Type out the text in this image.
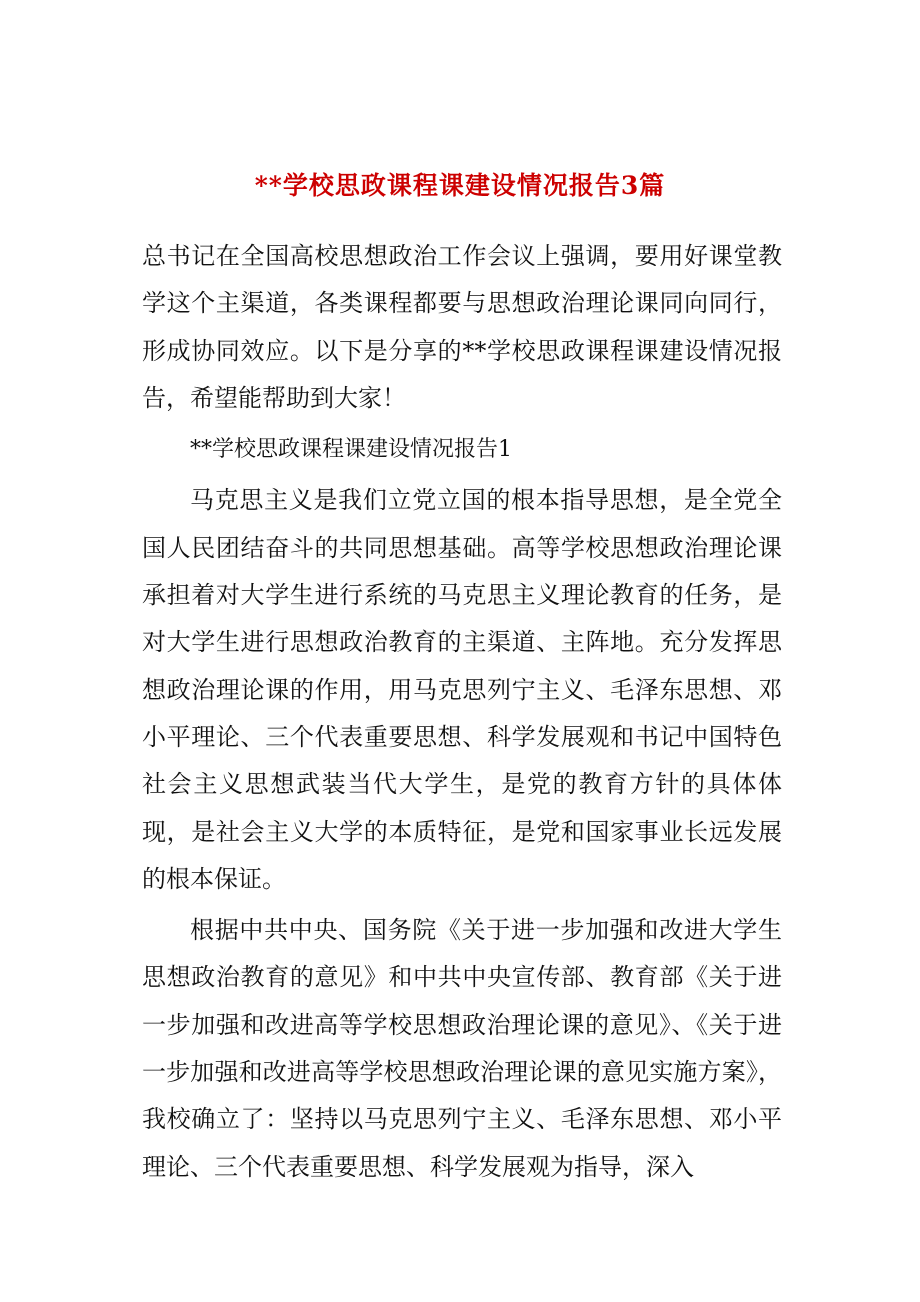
**学校思政课程课建设情况报告3篇

总书记在全国高校思想政治工作会议上强调，要用好课堂教学这个主渠道，各类课程都要与思想政治理论课同向同行，形成协同效应。以下是分享的**学校思政课程课建设情况报告，希望能帮助到大家！

**学校思政课程课建设情况报告1

马克思主义是我们立党立国的根本指导思想，是全党全国人民团结奋斗的共同思想基础。高等学校思想政治理论课承担着对大学生进行系统的马克思主义理论教育的任务，是对大学生进行思想政治教育的主渠道、主阵地。充分发挥思想政治理论课的作用，用马克思列宁主义、毛泽东思想、邓小平理论、三个代表重要思想、科学发展观和书记中国特色社会主义思想武装当代大学生，是党的教育方针的具体体现，是社会主义大学的本质特征，是党和国家事业长远发展的根本保证。

根据中共中央、国务院《关于进一步加强和改进大学生思想政治教育的意见》和中共中央宣传部、教育部《关于进一步加强和改进高等学校思想政治理论课的意见》、《关于进一步加强和改进高等学校思想政治理论课的意见实施方案》，我校确立了：坚持以马克思列宁主义、毛泽东思想、邓小平理论、三个代表重要思想、科学发展观为指导，深入
